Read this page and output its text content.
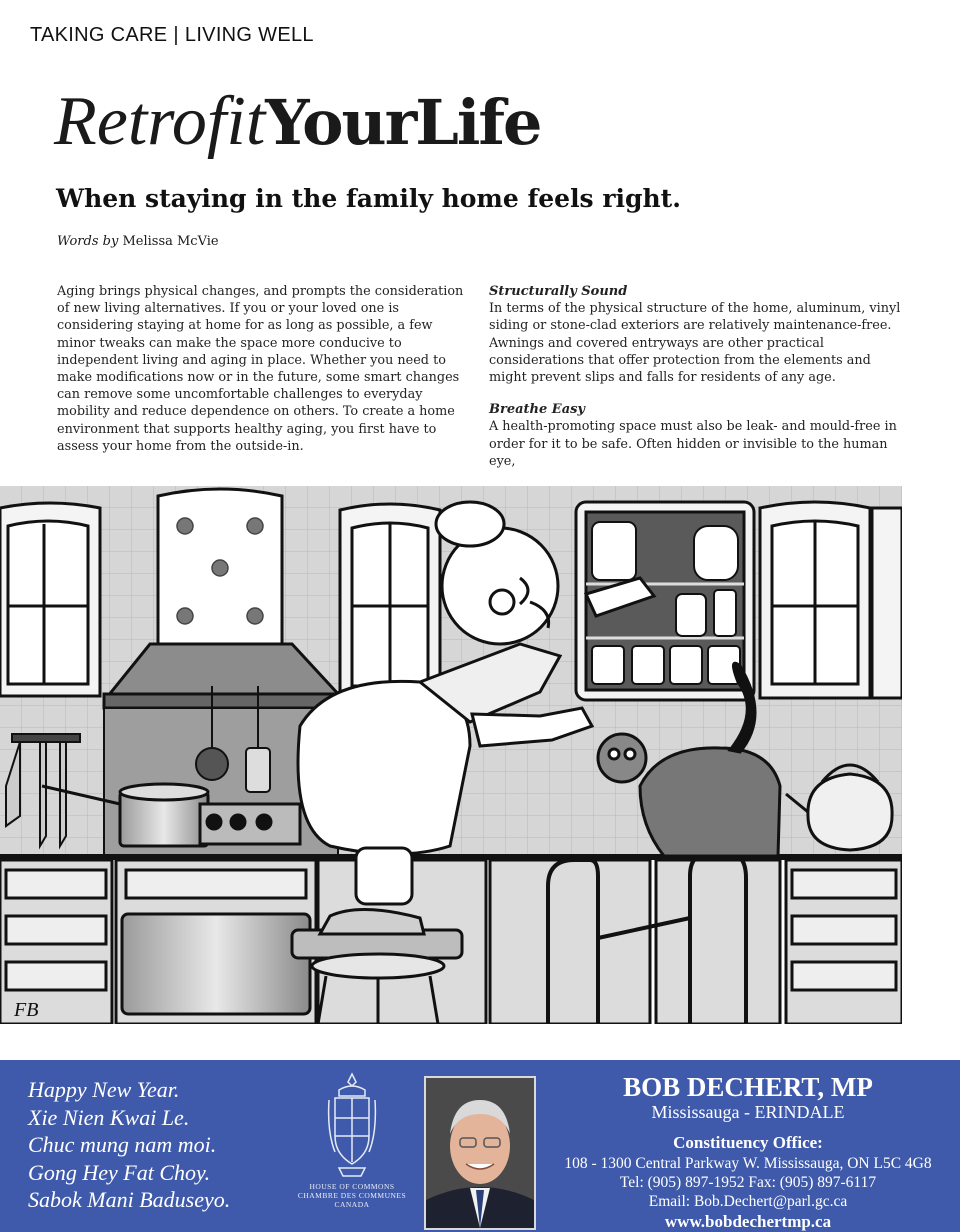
TAKING CARE | LIVING WELL
RetrofitYourLife
When staying in the family home feels right.
Words by Melissa McVie

Aging brings physical changes, and prompts the consideration of new living alternatives. If you or your loved one is considering staying at home for as long as possible, a few minor tweaks can make the space more conducive to independent living and aging in place. Whether you need to make modifications now or in the future, some smart changes can remove some uncomfortable challenges to everyday mobility and reduce dependence on others. To create a home environment that supports healthy aging, you first have to assess your home from the outside-in.

Structurally Sound

In terms of the physical structure of the home, aluminum, vinyl siding or stone-clad exteriors are relatively maintenance-free. Awnings and covered entryways are other practical considerations that offer protection from the elements and might prevent slips and falls for residents of any age.

Breathe Easy

A health-promoting space must also be leak- and mould-free in order for it to be safe. Often hidden or invisible to the human eye,

FB
Happy New Year.
Xie Nien Kwai Le.
Chuc mung nam moi.
Gong Hey Fat Choy.
Sabok Mani Baduseyo.
HOUSE OF COMMONS
CHAMBRE DES COMMUNES
CANADA
BOB DECHERT, MP
Mississauga - ERINDALE
Constituency Office:
108 - 1300 Central Parkway W. Mississauga, ON L5C 4G8
Tel: (905) 897-1952 Fax: (905) 897-6117
Email: Bob.Dechert@parl.gc.ca
www.bobdechertmp.ca
